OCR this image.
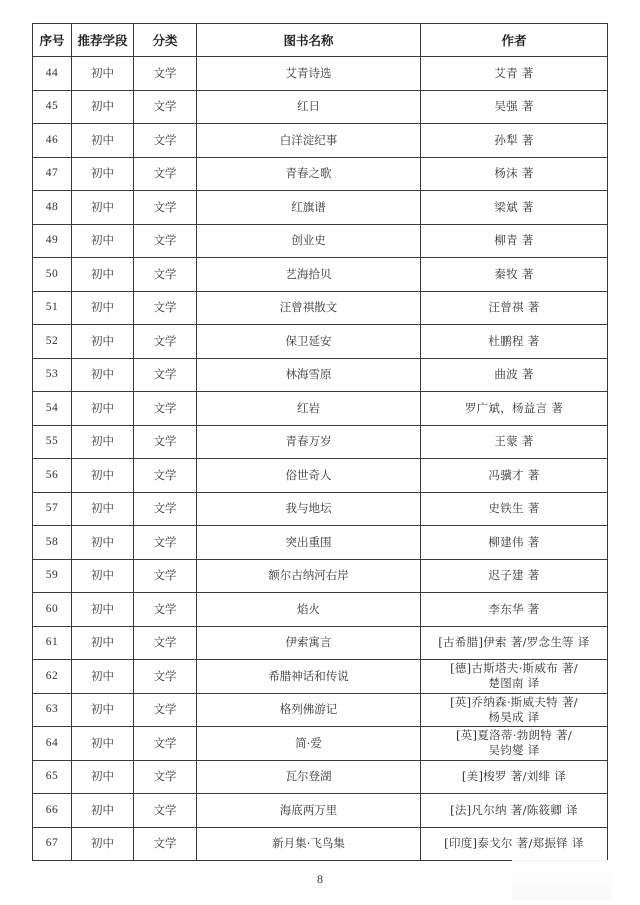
序号	推荐学段	分类	图书名称	作者
44	初中	文学	艾青诗选	艾青 著

45	初中	文学	红日	吴强 著

46	初中	文学	白洋淀纪事	孙犁 著

47	初中	文学	青春之歌	杨沫 著

48	初中	文学	红旗谱	梁斌 著

49	初中	文学	创业史	柳青 著

50	初中	文学	艺海拾贝	秦牧 著

51	初中	文学	汪曾祺散文	汪曾祺 著

52	初中	文学	保卫延安	杜鹏程 著

53	初中	文学	林海雪原	曲波 著

54	初中	文学	红岩	罗广斌，杨益言 著

55	初中	文学	青春万岁	王蒙 著

56	初中	文学	俗世奇人	冯骥才 著

57	初中	文学	我与地坛	史铁生 著

58	初中	文学	突出重围	柳建伟 著

59	初中	文学	额尔古纳河右岸	迟子建 著

60	初中	文学	焰火	李东华 著

61	初中	文学	伊索寓言	[古希腊]伊索 著/罗念生等 译

62	初中	文学	希腊神话和传说	[德]古斯塔夫·斯威布 著/
楚图南 译

63	初中	文学	格列佛游记	[英]乔纳森·斯威夫特 著/
杨昊成 译

64	初中	文学	简·爱	[英]夏洛蒂·勃朗特 著/
吴钧燮 译

65	初中	文学	瓦尔登湖	[美]梭罗 著/刘绯 译

66	初中	文学	海底两万里	[法]凡尔纳 著/陈筱卿 译

67	初中	文学	新月集·飞鸟集	[印度]泰戈尔 著/郑振铎 译
8
